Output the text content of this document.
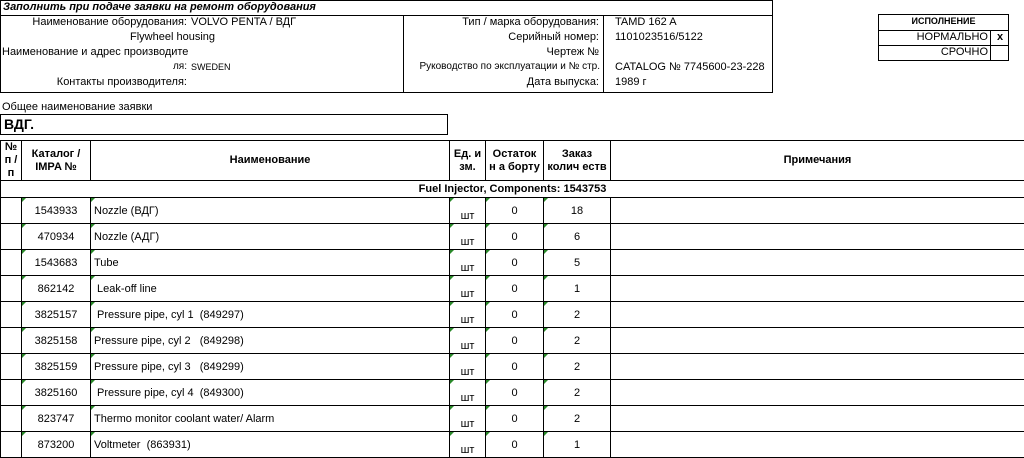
Заполнить при подаче заявки на ремонт оборудования
Наименование оборудования: VOLVO PENTA / ВДГ
Flywheel housing
Наименование и адрес производите
ля: SWEDEN
Контакты производителя:
Тип / марка оборудования: TAMD 162 A
Серийный номер: 1101023516/5122
Чертеж №
Руководство по эксплуатации и № стр. CATALOG № 7745600-23-228
Дата выпуска: 1989 г
ИСПОЛНЕНИЕ
НОРМАЛЬНО x
СРОЧНО
Общее наименование заявки
ВДГ.
№ п /п	Каталог / IMPA №	Наименование	Ед. и зм.	Остаток н а борту	Заказ колич еств	Примечания
Fuel Injector, Components: 1543753						

1543933	Nozzle (ВДГ)	шт	0	18	

470934	Nozzle (АДГ)	шт	0	6	

1543683	Tube	шт	0	5	

862142	Leak-off line	шт	0	1	

3825157	Pressure pipe, cyl 1  (849297)	шт	0	2	

3825158	Pressure pipe, cyl 2   (849298)	шт	0	2	

3825159	Pressure pipe, cyl 3   (849299)	шт	0	2	

3825160	Pressure pipe, cyl 4  (849300)	шт	0	2	

823747	Thermo monitor coolant water/ Alarm	шт	0	2	

873200	Voltmeter  (863931)	шт	0	1	
